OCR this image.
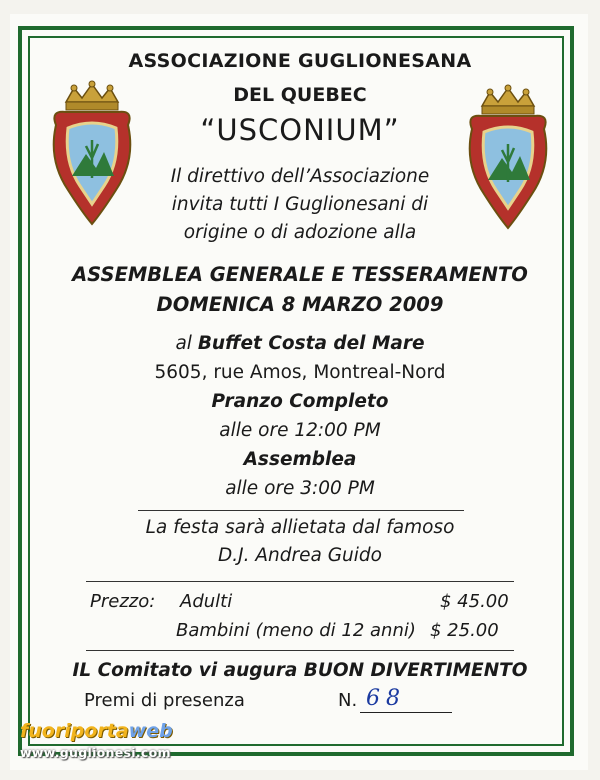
ASSOCIAZIONE GUGLIONESANA
DEL QUEBEC
“USCONIUM”
Il direttivo dell’Associazione
invita tutti I Guglionesani di
origine o di adozione alla
ASSEMBLEA GENERALE E TESSERAMENTO
DOMENICA 8 MARZO 2009
al Buffet Costa del Mare
5605, rue Amos, Montreal-Nord
Pranzo Completo
alle ore 12:00 PM
Assemblea
alle ore 3:00 PM
La festa sarà allietata dal famoso
D.J. Andrea Guido
Prezzo: Adulti	$ 45.00
Bambini (meno di 12 anni) $ 25.00
IL Comitato vi augura BUON DIVERTIMENTO
Premi di presenza	N. 68
fuoriportaweb
www.guglionesi.com
